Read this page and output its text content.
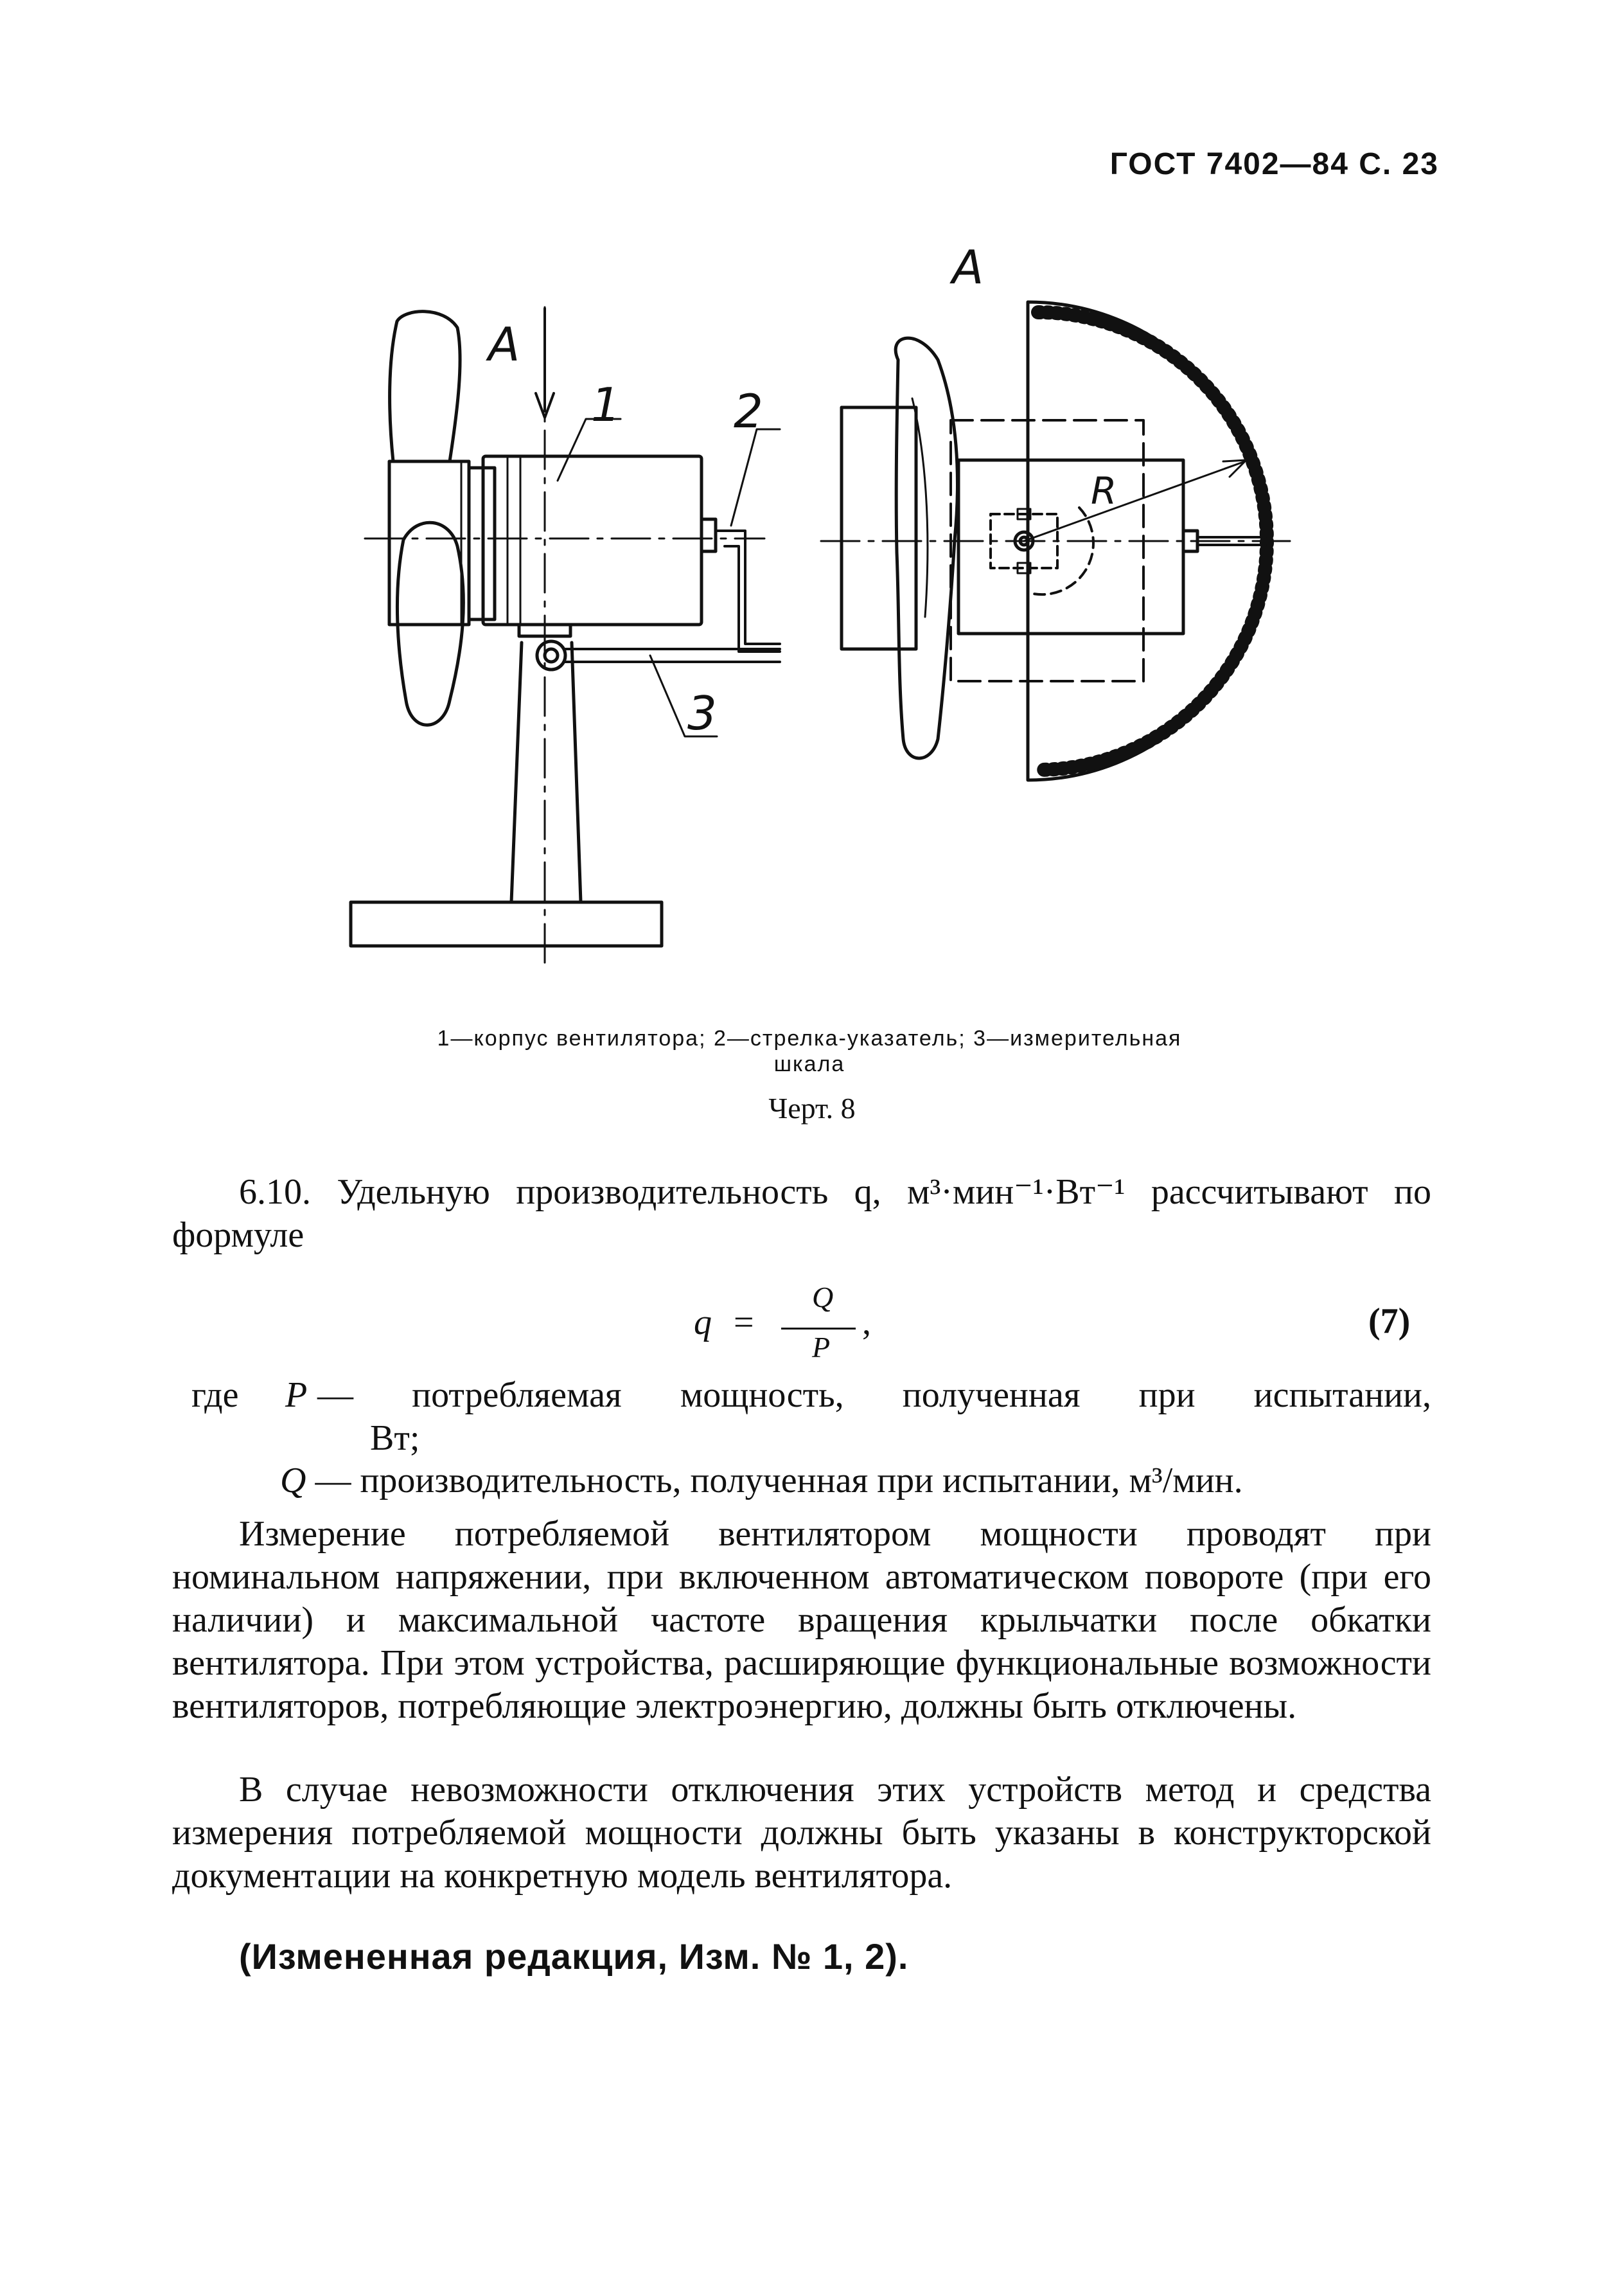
ГОСТ 7402—84 С. 23
А
А
1 2
3
R
1—корпус вентилятора; 2—стрелка-указатель; 3—измерительная
шкала
Черт. 8
6.10. Удельную производительность q, м³·мин⁻¹·Вт⁻¹ рассчитывают по формуле
q =
Q
P
,	(7)
где P — потребляемая мощность, полученная при испытании,
Вт;
Q — производительность, полученная при испытании, м³/мин.
Измерение потребляемой вентилятором мощности проводят при номинальном напряжении, при включенном автоматическом повороте (при его наличии) и максимальной частоте вращения крыльчатки после обкатки вентилятора. При этом устройства, расширяющие функциональные возможности вентиляторов, потребляющие электроэнергию, должны быть отключены.
В случае невозможности отключения этих устройств метод и средства измерения потребляемой мощности должны быть указаны в конструкторской документации на конкретную модель вентилятора.
(Измененная редакция, Изм. № 1, 2).
